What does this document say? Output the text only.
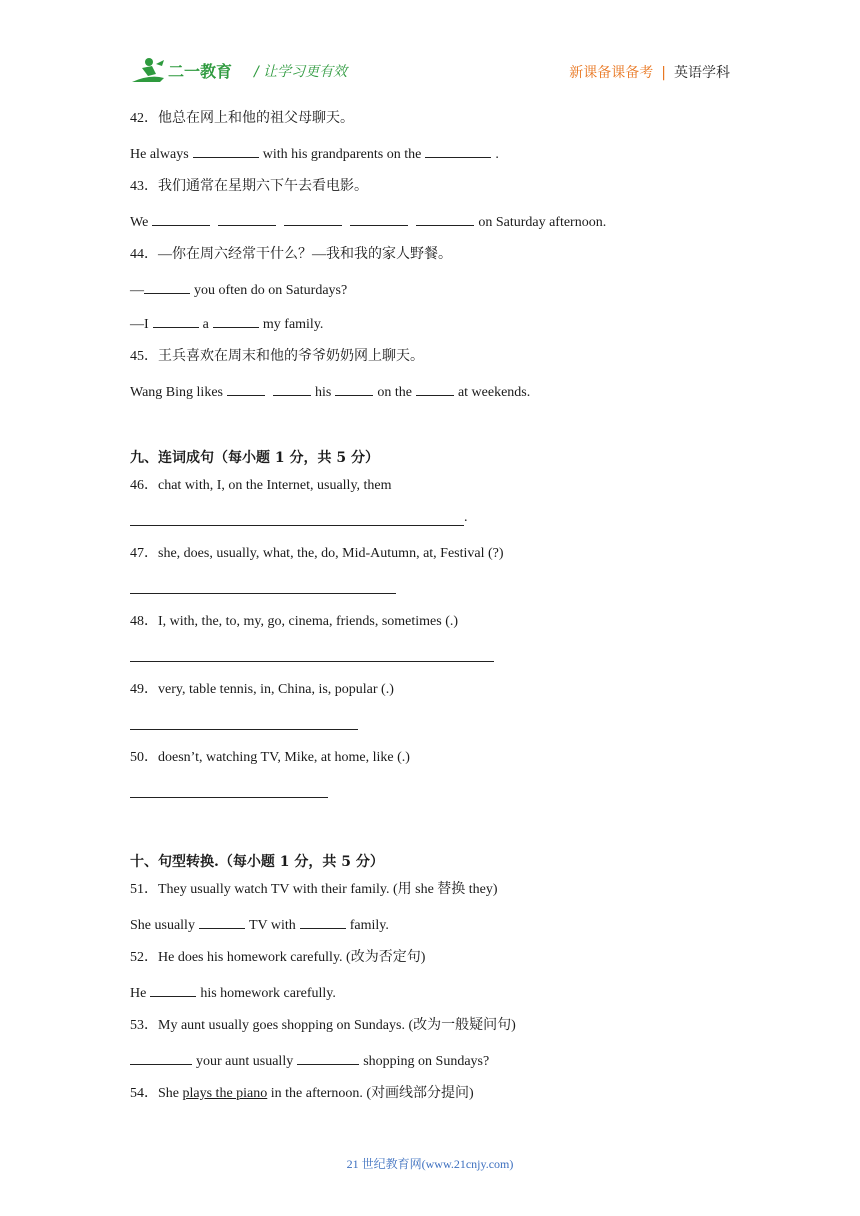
二一教育 / 让学习更有效	新课备课备考 | 英语学科
42．他总在网上和他的祖父母聊天。
He always	with his grandparents on the	.
43．我们通常在星期六下午去看电影。
We	on Saturday afternoon.
44．—你在周六经常干什么？—我和我的家人野餐。
—	you often do on Saturdays?
—I	a	my family.
45．王兵喜欢在周末和他的爷爷奶奶网上聊天。
Wang Bing likes	his	on the	at weekends.
九、连词成句（每小题 1 分，共 5 分）
46．chat with, I, on the Internet, usually, them
.
47．she, does, usually, what, the, do, Mid-Autumn, at, Festival (?)
48．I, with, the, to, my, go, cinema, friends, sometimes (.)
49．very, table tennis, in, China, is, popular (.)
50．doesn’t, watching TV, Mike, at home, like (.)
十、句型转换.（每小题 1 分，共 5 分）
51．They usually watch TV with their family. (用 she 替换 they)
She usually	TV with	family.
52．He does his homework carefully. (改为否定句)
He	his homework carefully.
53．My aunt usually goes shopping on Sundays. (改为一般疑问句)
your aunt usually	shopping on Sundays?
54．She plays the piano in the afternoon. (对画线部分提问)
21 世纪教育网(www.21cnjy.com)
